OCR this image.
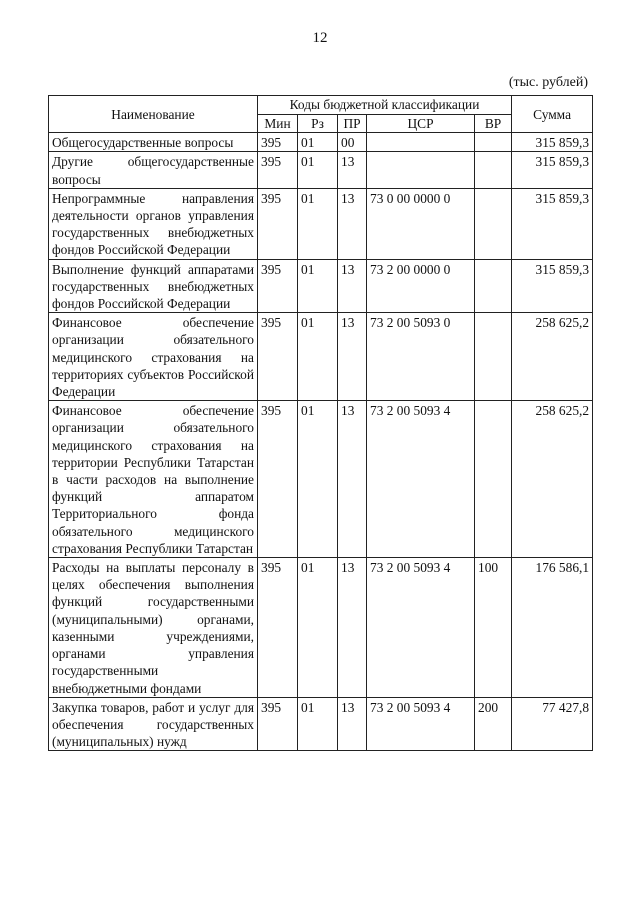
12
(тыс. рублей)
Наименование	Коды бюджетной классификации					Сумма
	Мин	Рз	ПР	ЦСР	ВР	
Общегосударственные вопросы	395	01	00			315 859,3
Другие общегосударственные вопросы	395	01	13			315 859,3
Непрограммные направления деятельности органов управления государственных внебюджетных фондов Российской Федерации	395	01	13	73 0 00 0000 0		315 859,3
Выполнение функций аппаратами государственных внебюджетных фондов Российской Федерации	395	01	13	73 2 00 0000 0		315 859,3
Финансовое обеспечение организации обязательного медицинского страхования на территориях субъектов Российской Федерации	395	01	13	73 2 00 5093 0		258 625,2
Финансовое обеспечение организации обязательного медицинского страхования на территории Республики Татарстан в части расходов на выполнение функций аппаратом Территориального фонда обязательного медицинского страхования Республики Татарстан	395	01	13	73 2 00 5093 4		258 625,2
Расходы на выплаты персоналу в целях обеспечения выполнения функций государственными (муниципальными) органами, казенными учреждениями, органами управления государственными внебюджетными фондами	395	01	13	73 2 00 5093 4	100	176 586,1
Закупка товаров, работ и услуг для обеспечения государственных (муниципальных) нужд	395	01	13	73 2 00 5093 4	200	77 427,8
